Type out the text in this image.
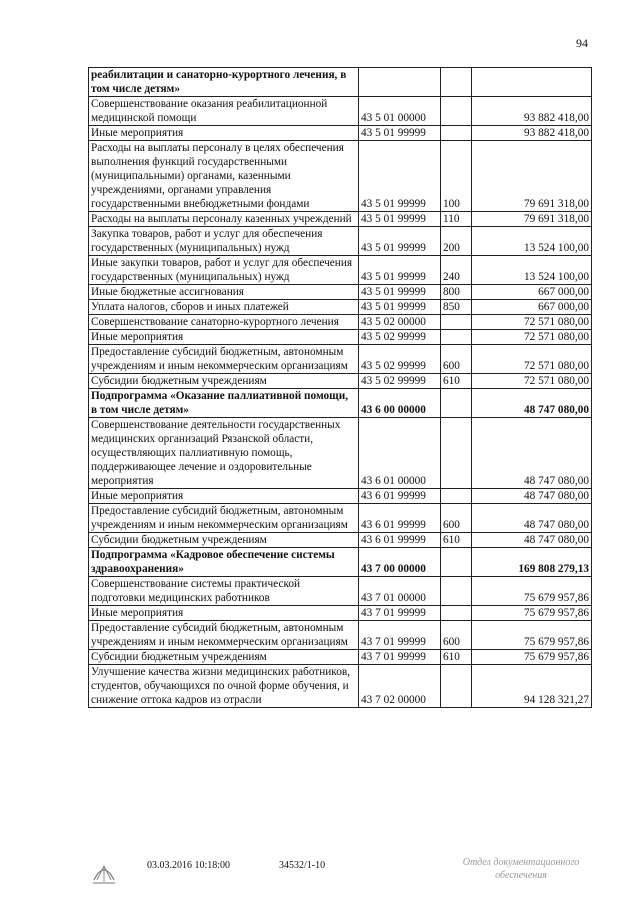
94
реабилитации и санаторно-курортного лечения, в том числе детям»			
Совершенствование оказания реабилитационной медицинской помощи	43 5 01 00000		93 882 418,00
Иные мероприятия	43 5 01 99999		93 882 418,00
Расходы на выплаты персоналу в целях обеспечения выполнения функций государственными (муниципальными) органами, казенными учреждениями, органами управления государственными внебюджетными фондами	43 5 01 99999	100	79 691 318,00
Расходы на выплаты персоналу казенных учреждений	43 5 01 99999	110	79 691 318,00
Закупка товаров, работ и услуг для обеспечения государственных (муниципальных) нужд	43 5 01 99999	200	13 524 100,00
Иные закупки товаров, работ и услуг для обеспечения государственных (муниципальных) нужд	43 5 01 99999	240	13 524 100,00
Иные бюджетные ассигнования	43 5 01 99999	800	667 000,00
Уплата налогов, сборов и иных платежей	43 5 01 99999	850	667 000,00
Совершенствование санаторно-курортного лечения	43 5 02 00000		72 571 080,00
Иные мероприятия	43 5 02 99999		72 571 080,00
Предоставление субсидий бюджетным, автономным учреждениям и иным некоммерческим организациям	43 5 02 99999	600	72 571 080,00
Субсидии бюджетным учреждениям	43 5 02 99999	610	72 571 080,00
Подпрограмма «Оказание паллиативной помощи, в том числе детям»	43 6 00 00000		48 747 080,00
Совершенствование деятельности государственных медицинских организаций Рязанской области, осуществляющих паллиативную помощь, поддерживающее лечение и оздоровительные мероприятия	43 6 01 00000		48 747 080,00
Иные мероприятия	43 6 01 99999		48 747 080,00
Предоставление субсидий бюджетным, автономным учреждениям и иным некоммерческим организациям	43 6 01 99999	600	48 747 080,00
Субсидии бюджетным учреждениям	43 6 01 99999	610	48 747 080,00
Подпрограмма «Кадровое обеспечение системы здравоохранения»	43 7 00 00000		169 808 279,13
Совершенствование системы практической подготовки медицинских работников	43 7 01 00000		75 679 957,86
Иные мероприятия	43 7 01 99999		75 679 957,86
Предоставление субсидий бюджетным, автономным учреждениям и иным некоммерческим организациям	43 7 01 99999	600	75 679 957,86
Субсидии бюджетным учреждениям	43 7 01 99999	610	75 679 957,86
Улучшение качества жизни медицинских работников, студентов, обучающихся по очной форме обучения, и снижение оттока кадров из отрасли	43 7 02 00000		94 128 321,27
03.03.2016 10:18:00	34532/1-10	Отдел документационного обеспечения
